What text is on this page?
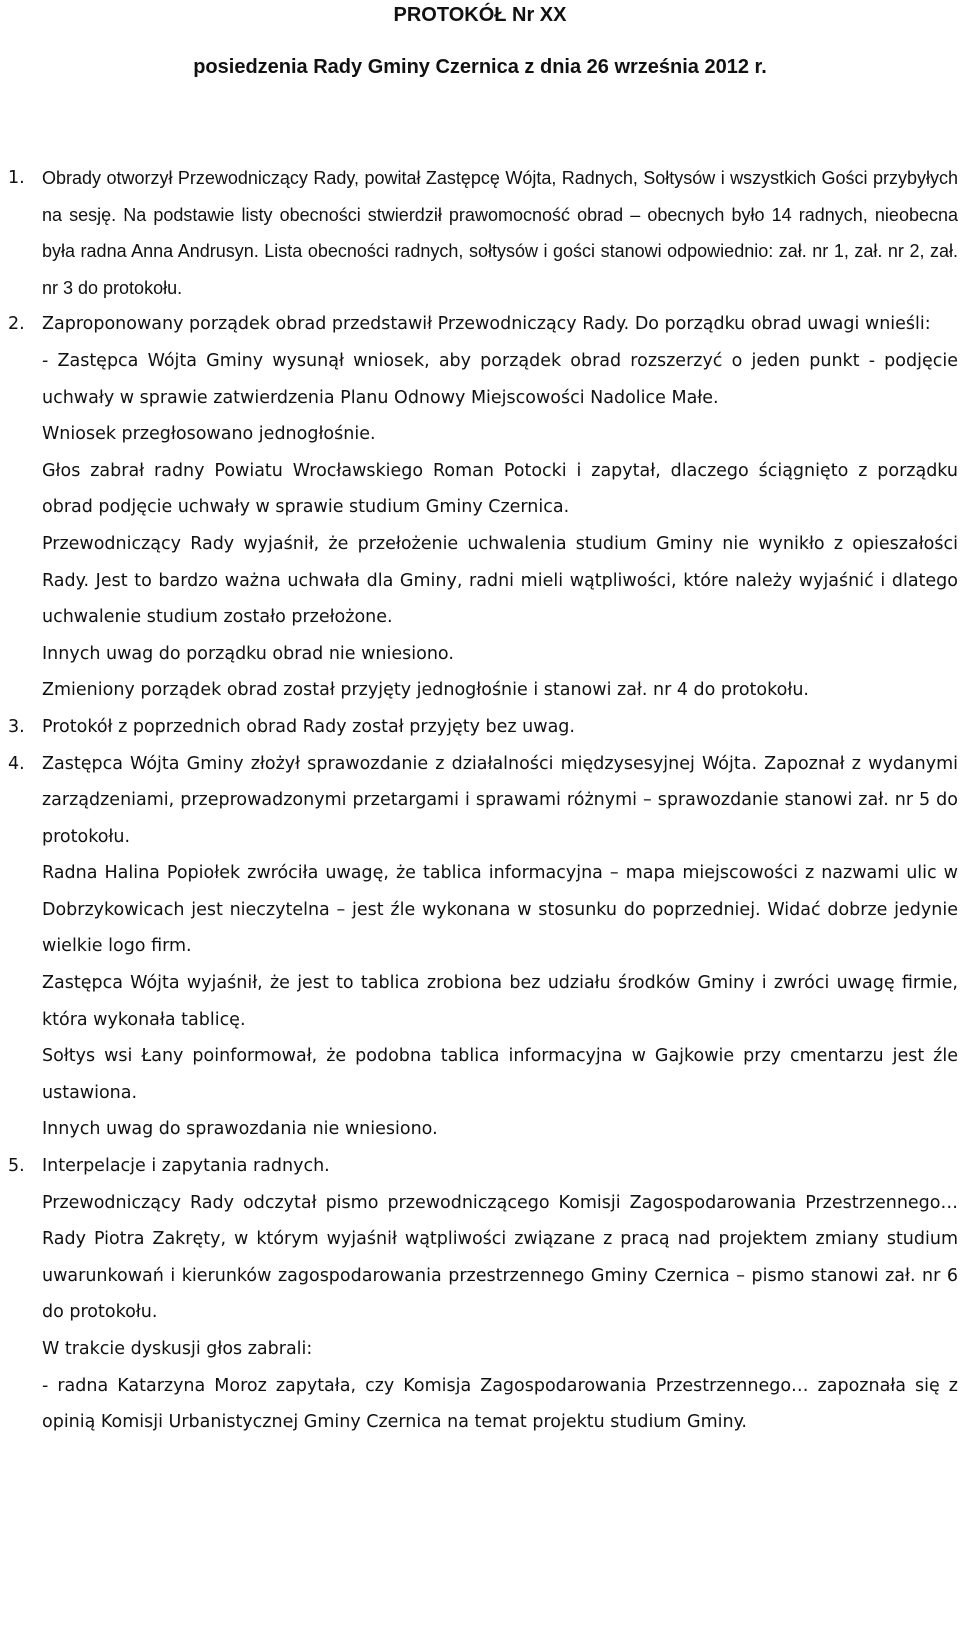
PROTOKÓŁ Nr XX
posiedzenia Rady Gminy Czernica z dnia 26 września 2012 r.
1. Obrady otworzył Przewodniczący Rady, powitał Zastępcę Wójta, Radnych, Sołtysów i wszystkich Gości przybyłych na sesję. Na podstawie listy obecności stwierdził prawomocność obrad – obecnych było 14 radnych, nieobecna była radna Anna Andrusyn. Lista obecności radnych, sołtysów i gości stanowi odpowiednio: zał. nr 1, zał. nr 2, zał. nr 3 do protokołu.
2. Zaproponowany porządek obrad przedstawił Przewodniczący Rady. Do porządku obrad uwagi wnieśli:
- Zastępca Wójta Gminy wysunął wniosek, aby porządek obrad rozszerzyć o jeden punkt - podjęcie uchwały w sprawie zatwierdzenia Planu Odnowy Miejscowości Nadolice Małe.
Wniosek przegłosowano jednogłośnie.
Głos zabrał radny Powiatu Wrocławskiego Roman Potocki i zapytał, dlaczego ściągnięto z porządku obrad podjęcie uchwały w sprawie studium Gminy Czernica.
Przewodniczący Rady wyjaśnił, że przełożenie uchwalenia studium Gminy nie wynikło z opieszałości Rady. Jest to bardzo ważna uchwała dla Gminy, radni mieli wątpliwości, które należy wyjaśnić i dlatego uchwalenie studium zostało przełożone.
Innych uwag do porządku obrad nie wniesiono.
Zmieniony porządek obrad został przyjęty jednogłośnie i stanowi zał. nr 4 do protokołu.
3. Protokół z poprzednich obrad Rady został przyjęty bez uwag.
4. Zastępca Wójta Gminy złożył sprawozdanie z działalności międzysesyjnej Wójta. Zapoznał z wydanymi zarządzeniami, przeprowadzonymi przetargami i sprawami różnymi – sprawozdanie stanowi zał. nr 5 do protokołu.
Radna Halina Popiołek zwróciła uwagę, że tablica informacyjna – mapa miejscowości z nazwami ulic w Dobrzykowicach jest nieczytelna – jest źle wykonana w stosunku do poprzedniej. Widać dobrze jedynie wielkie logo firm.
Zastępca Wójta wyjaśnił, że jest to tablica zrobiona bez udziału środków Gminy i zwróci uwagę firmie, która wykonała tablicę.
Sołtys wsi Łany poinformował, że podobna tablica informacyjna w Gajkowie przy cmentarzu jest źle ustawiona.
Innych uwag do sprawozdania nie wniesiono.
5. Interpelacje i zapytania radnych.
Przewodniczący Rady odczytał pismo przewodniczącego Komisji Zagospodarowania Przestrzennego… Rady Piotra Zakręty, w którym wyjaśnił wątpliwości związane z pracą nad projektem zmiany studium uwarunkowań i kierunków zagospodarowania przestrzennego Gminy Czernica – pismo stanowi zał. nr 6 do protokołu.
W trakcie dyskusji głos zabrali:
- radna Katarzyna Moroz zapytała, czy Komisja Zagospodarowania Przestrzennego… zapoznała się z opinią Komisji Urbanistycznej Gminy Czernica na temat projektu studium Gminy.
